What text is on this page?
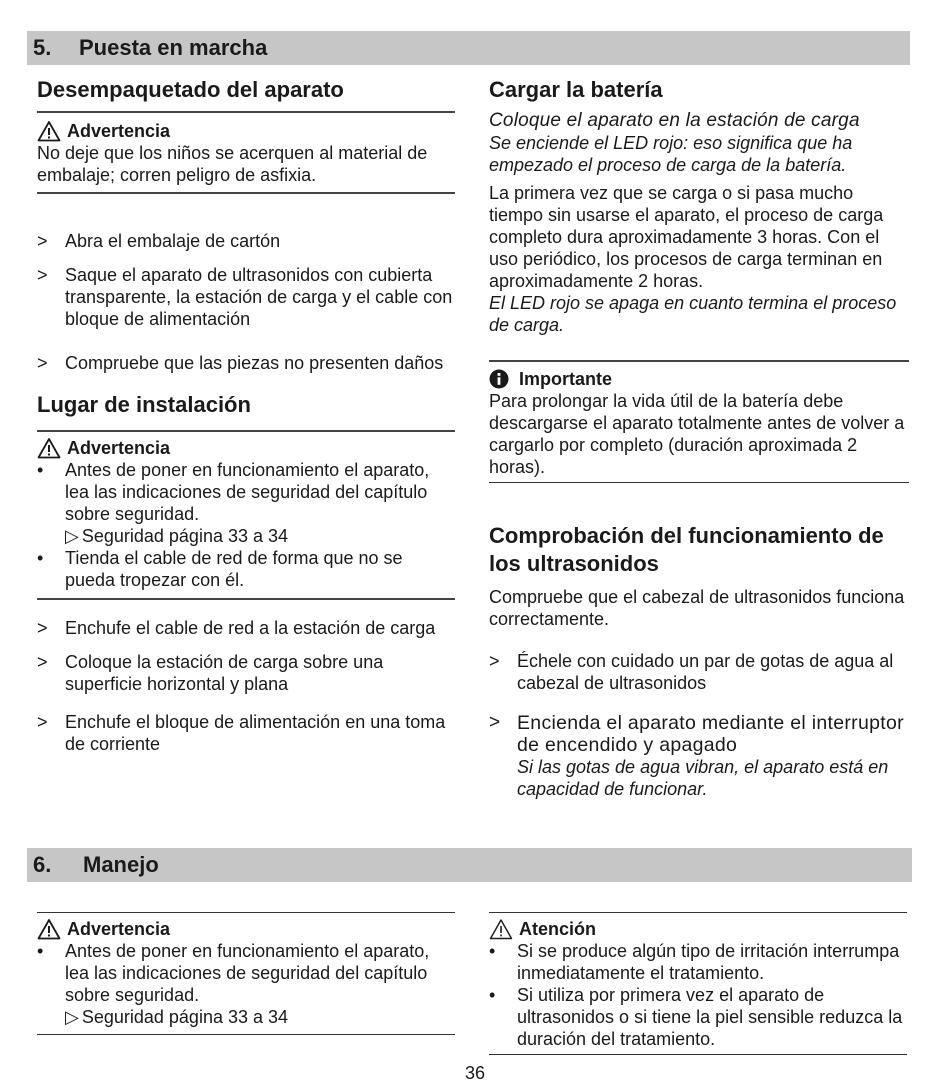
5. Puesta en marcha
Desempaquetado del aparato
Advertencia
No deje que los niños se acerquen al material de embalaje; corren peligro de asfixia.
> Abra el embalaje de cartón
> Saque el aparato de ultrasonidos con cubierta transparente, la estación de carga y el cable con bloque de alimentación
> Compruebe que las piezas no presenten daños
Lugar de instalación
Advertencia
•	Antes de poner en funcionamiento el aparato, lea las indicaciones de seguridad del capítulo sobre seguridad.
▷ Seguridad página 33 a 34
•	Tienda el cable de red de forma que no se pueda tropezar con él.
> Enchufe el cable de red a la estación de carga
> Coloque la estación de carga sobre una superficie horizontal y plana
> Enchufe el bloque de alimentación en una toma de corriente
Cargar la batería
Coloque el aparato en la estación de carga
Se enciende el LED rojo: eso significa que ha empezado el proceso de carga de la batería.
La primera vez que se carga o si pasa mucho tiempo sin usarse el aparato, el proceso de carga completo dura aproximadamente 3 horas. Con el uso periódico, los procesos de carga terminan en aproximadamente 2 horas.
El LED rojo se apaga en cuanto termina el proceso de carga.
Importante
Para prolongar la vida útil de la batería debe descargarse el aparato totalmente antes de volver a cargarlo por completo (duración aproximada 2 horas).
Comprobación del funcionamiento de
los ultrasonidos
Compruebe que el cabezal de ultrasonidos funciona correctamente.
> Échele con cuidado un par de gotas de agua al cabezal de ultrasonidos
> Encienda el aparato mediante el interruptor de encendido y apagado
Si las gotas de agua vibran, el aparato está en capacidad de funcionar.
6. Manejo
Advertencia
•	Antes de poner en funcionamiento el aparato, lea las indicaciones de seguridad del capítulo sobre seguridad.
▷ Seguridad página 33 a 34
Atención
•	Si se produce algún tipo de irritación interrumpa inmediatamente el tratamiento.
•	Si utiliza por primera vez el aparato de ultrasonidos o si tiene la piel sensible reduzca la duración del tratamiento.
36
